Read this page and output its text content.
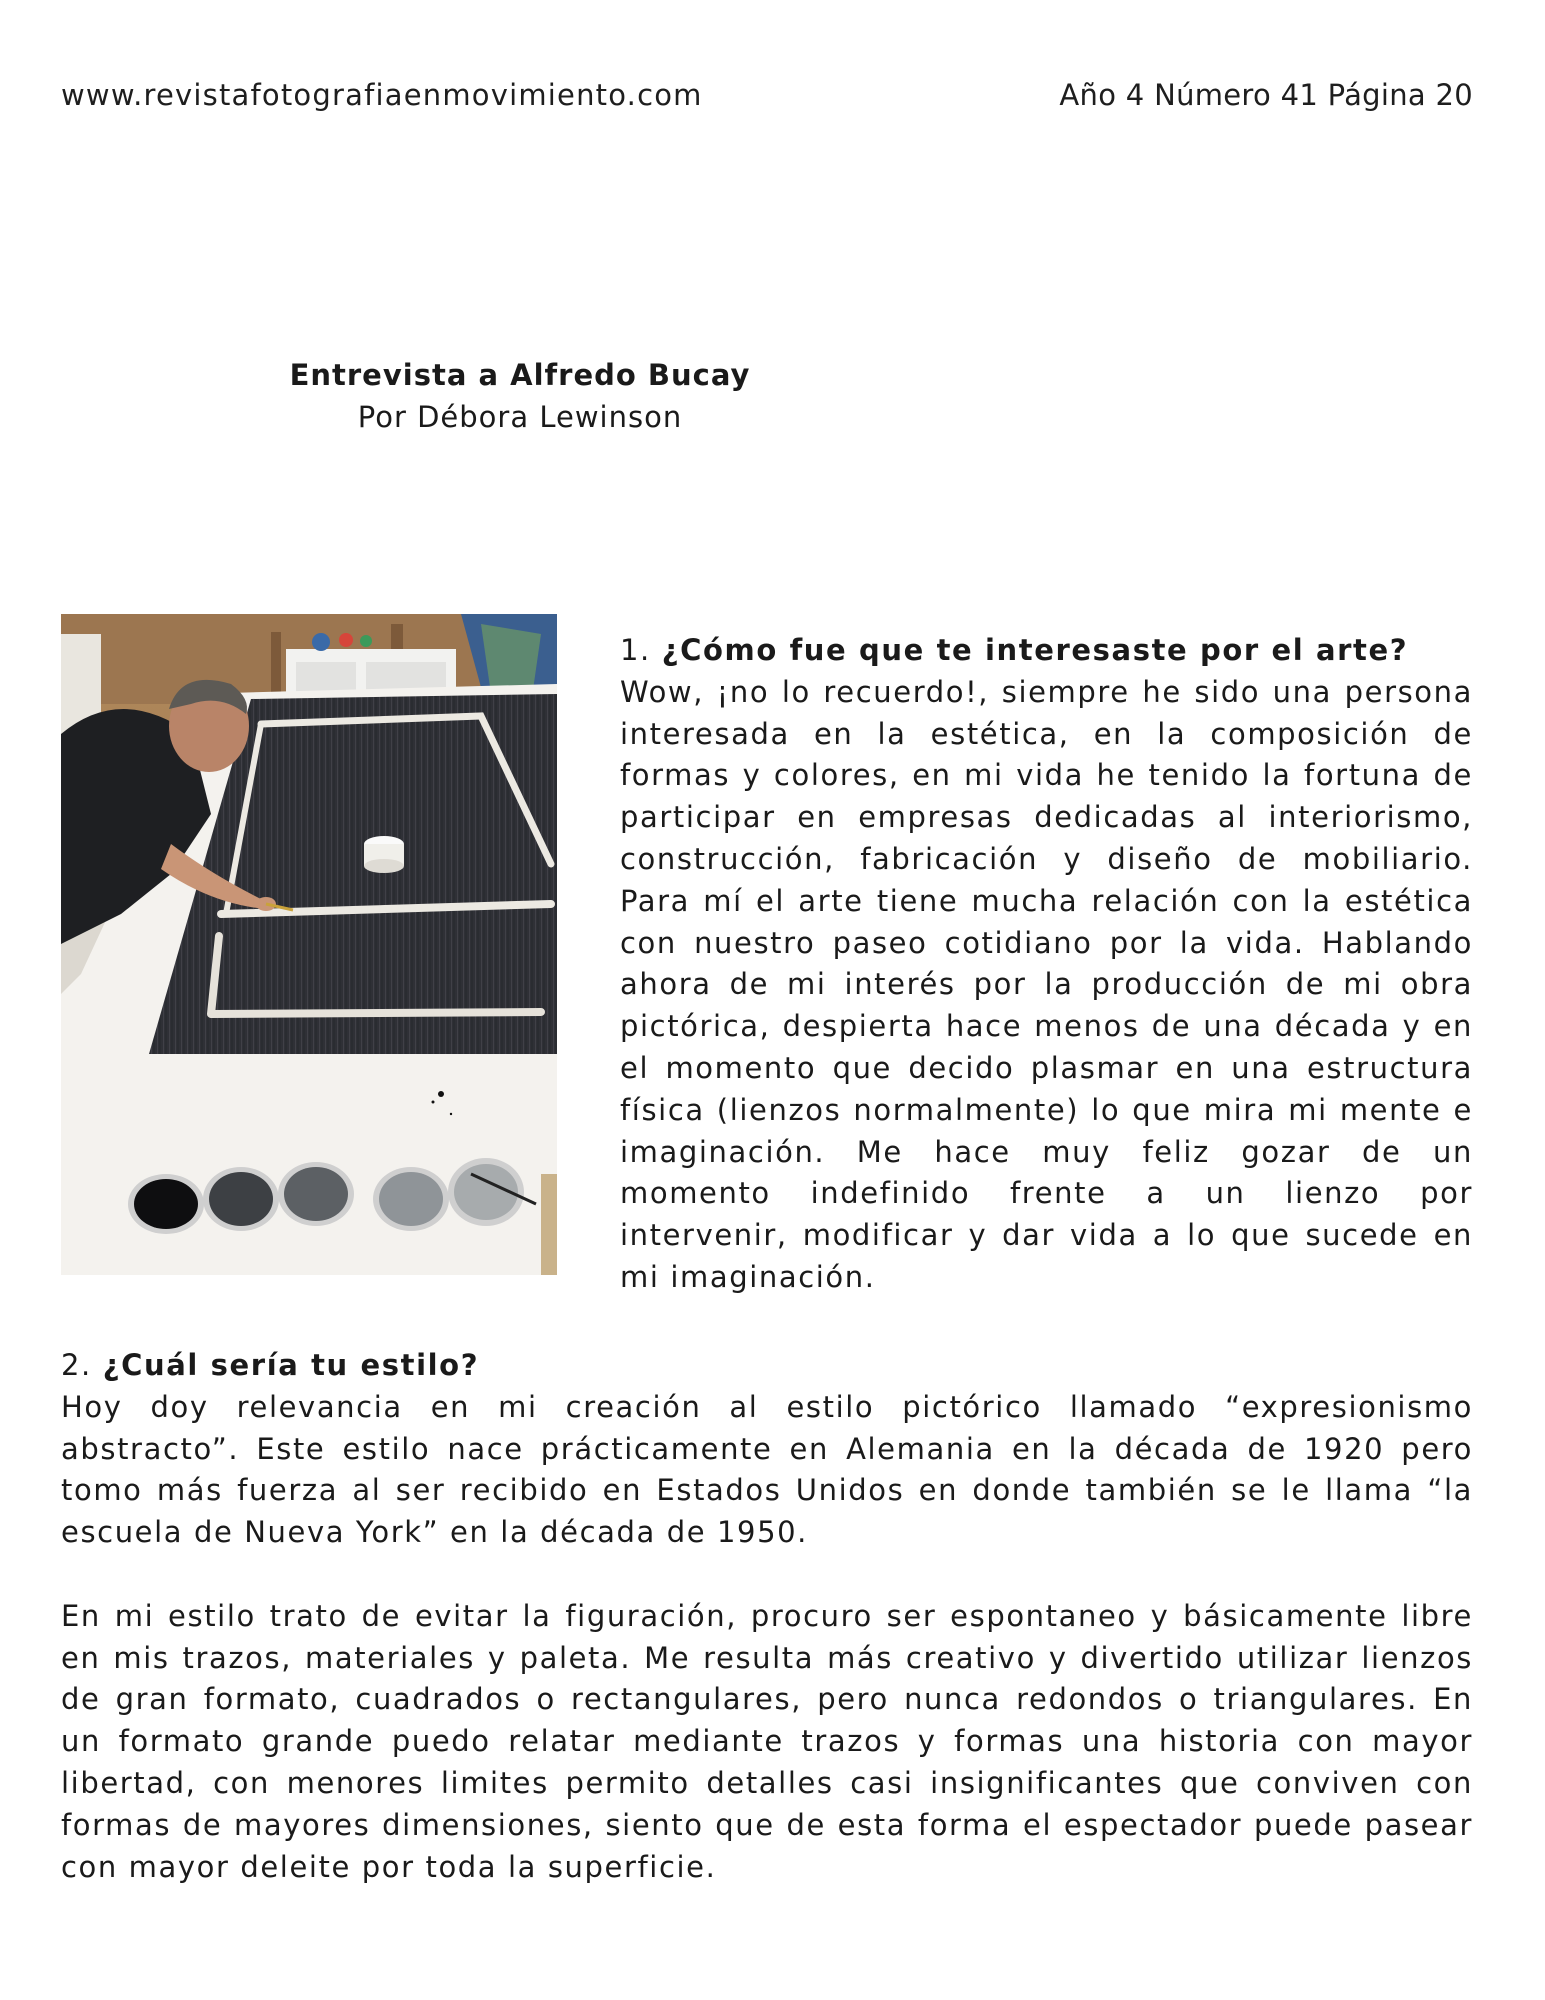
www.revistafotografiaenmovimiento.com	Año 4 Número 41 Página 20
Entrevista a Alfredo Bucay
Por Débora Lewinson

1. ¿Cómo fue que te interesaste por el arte?

Wow, ¡no lo recuerdo!, siempre he sido una persona interesada en la estética, en la composición de formas y colores, en mi vida he tenido la fortuna de participar en empresas dedicadas al interiorismo, construcción, fabricación y diseño de mobiliario. Para mí el arte tiene mucha relación con la estética con nuestro paseo cotidiano por la vida. Hablando ahora de mi interés por la producción de mi obra pictórica, despierta hace menos de una década y en el momento que decido plasmar en una estructura física (lienzos normalmente) lo que mira mi mente e imaginación. Me hace muy feliz gozar de un momento indefinido frente a un lienzo por intervenir, modificar y dar vida a lo que sucede en mi imaginación.

2. ¿Cuál sería tu estilo?

Hoy doy relevancia en mi creación al estilo pictórico llamado “expresionismo abstracto”. Este estilo nace prácticamente en Alemania en la década de 1920 pero tomo más fuerza al ser recibido en Estados Unidos en donde también se le llama “la escuela de Nueva York” en la década de 1950.

En mi estilo trato de evitar la figuración, procuro ser espontaneo y básicamente libre en mis trazos, materiales y paleta. Me resulta más creativo y divertido utilizar lienzos de gran formato, cuadrados o rectangulares, pero nunca redondos o triangulares. En un formato grande puedo relatar mediante trazos y formas una historia con mayor libertad, con menores limites permito detalles casi insignificantes que conviven con formas de mayores dimensiones, siento que de esta forma el espectador puede pasear con mayor deleite por toda la superficie.
